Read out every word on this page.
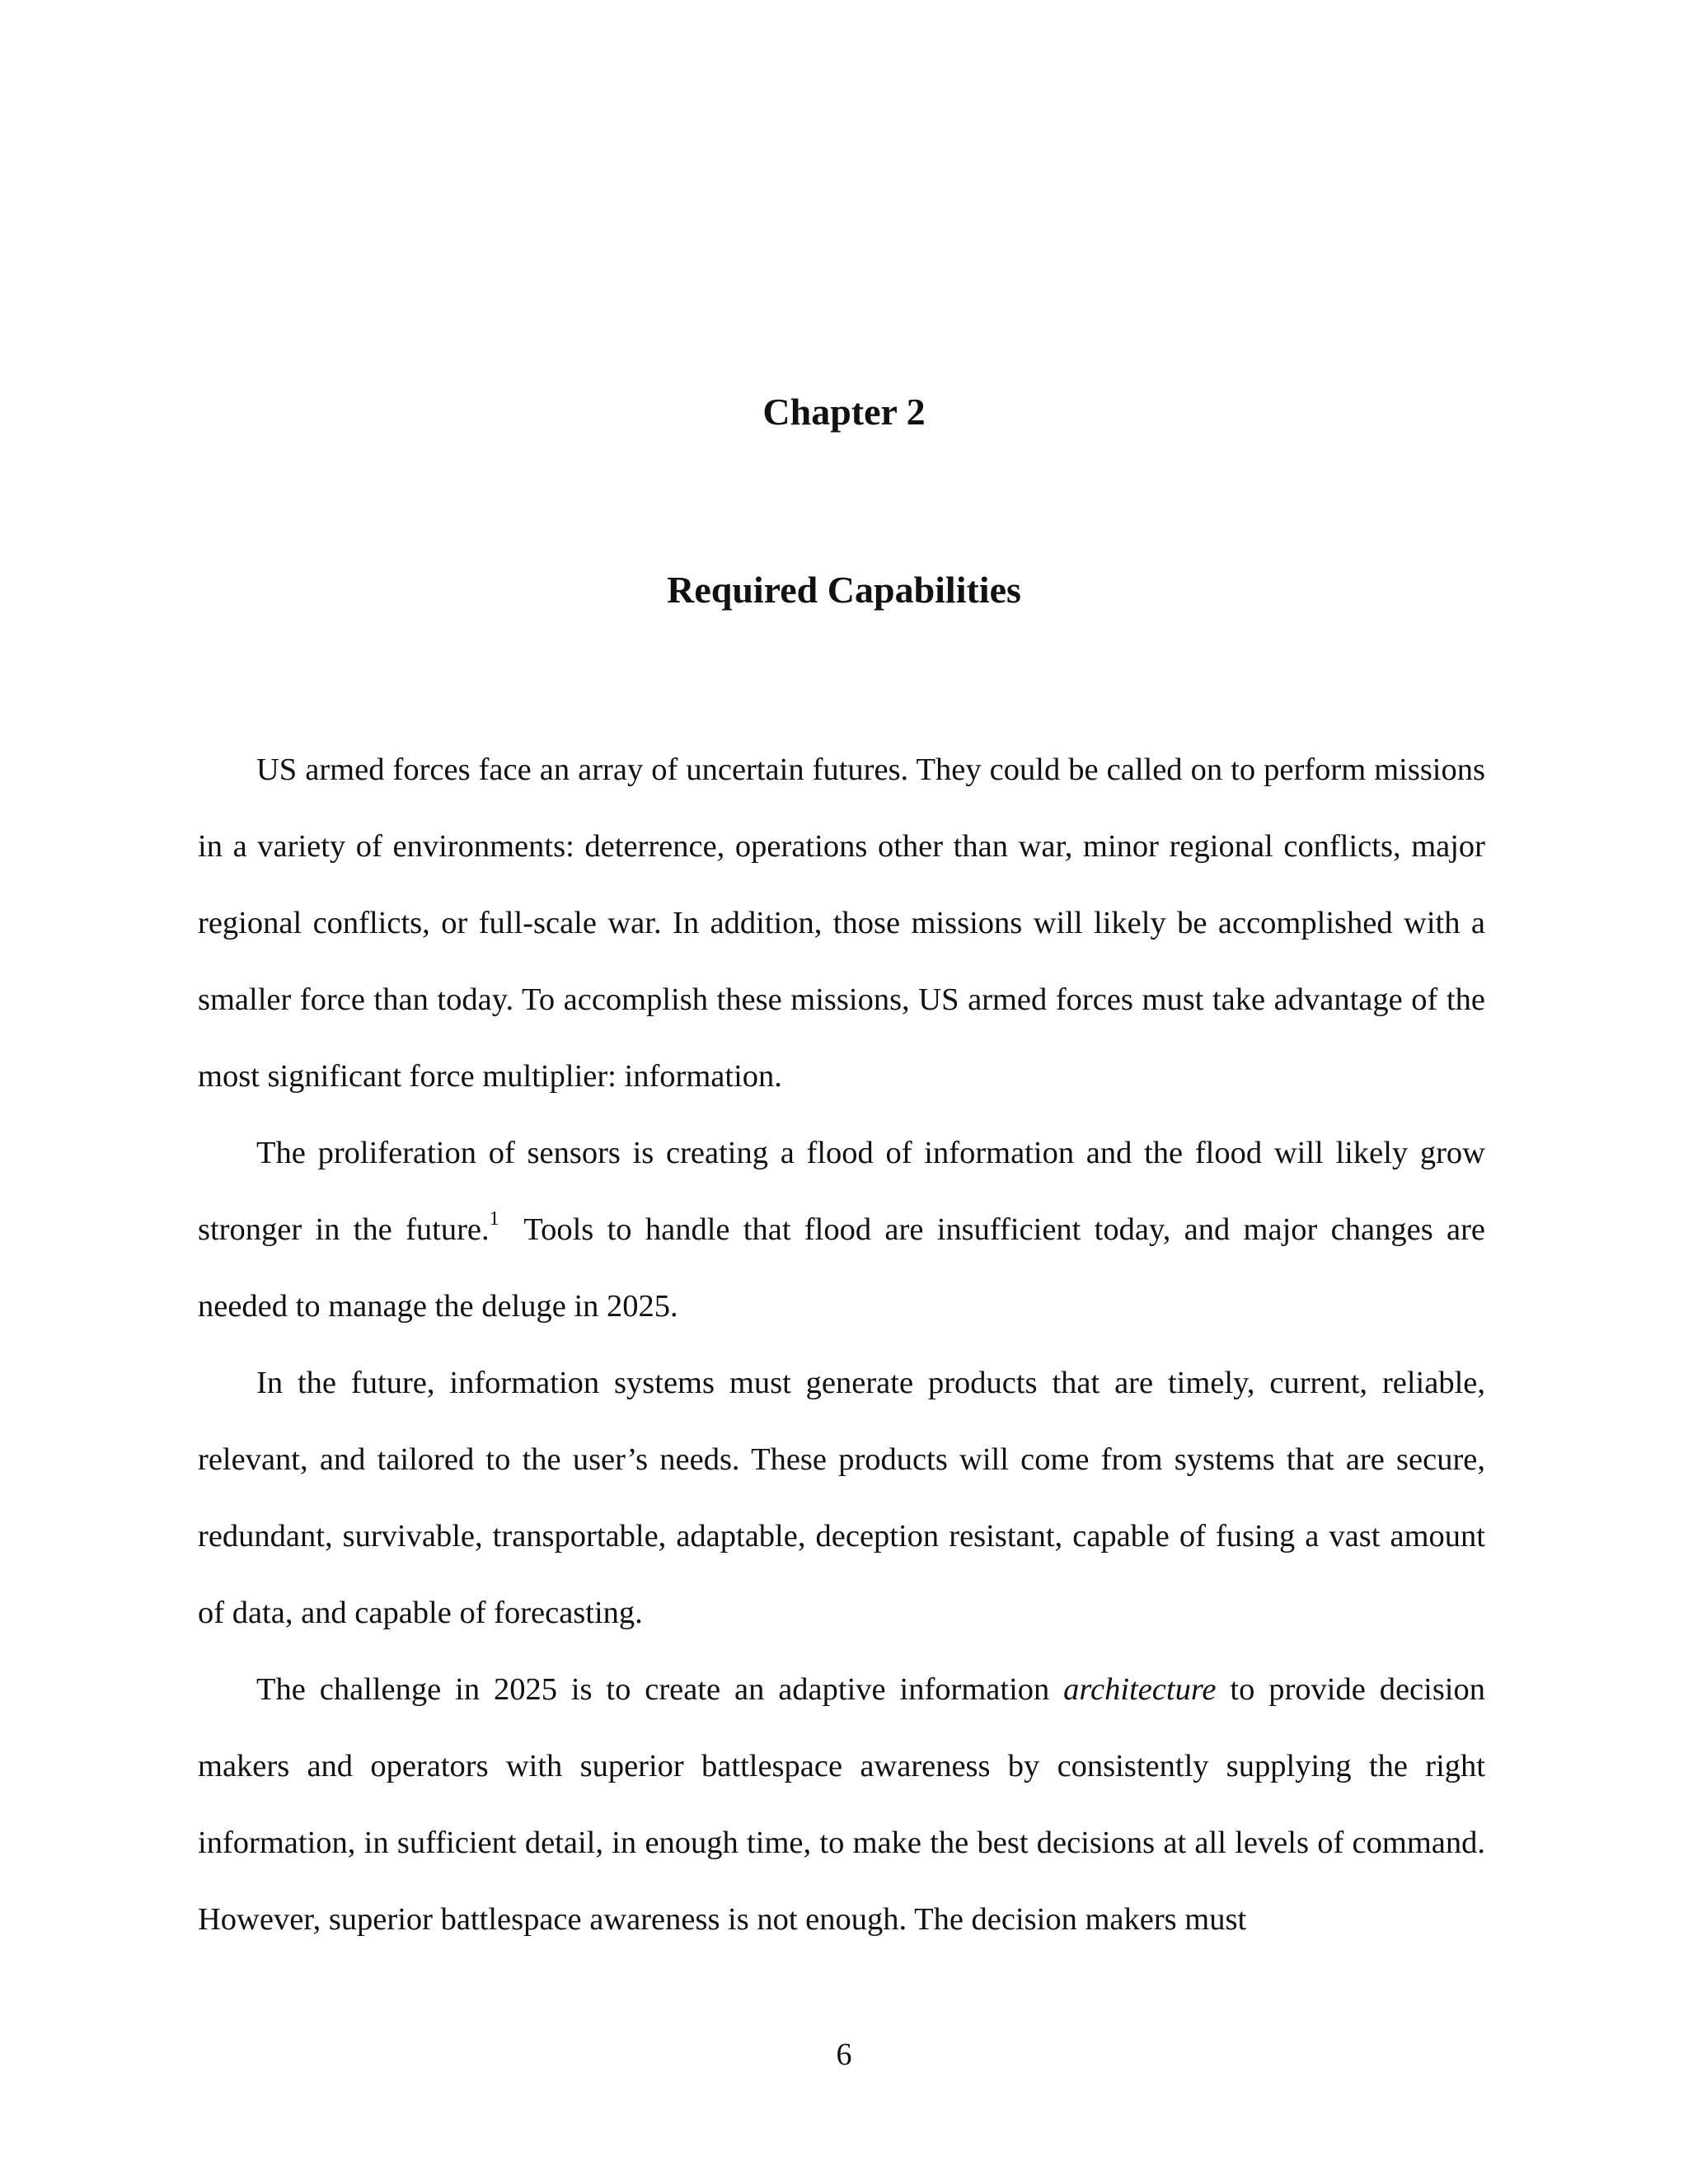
Chapter 2
Required Capabilities

US armed forces face an array of uncertain futures. They could be called on to perform missions in a variety of environments: deterrence, operations other than war, minor regional conflicts, major regional conflicts, or full-scale war. In addition, those missions will likely be accomplished with a smaller force than today. To accomplish these missions, US armed forces must take advantage of the most significant force multiplier: information.

The proliferation of sensors is creating a flood of information and the flood will likely grow stronger in the future.$^1$ Tools to handle that flood are insufficient today, and major changes are needed to manage the deluge in 2025.

In the future, information systems must generate products that are timely, current, reliable, relevant, and tailored to the user’s needs. These products will come from systems that are secure, redundant, survivable, transportable, adaptable, deception resistant, capable of fusing a vast amount of data, and capable of forecasting.

The challenge in 2025 is to create an adaptive information architecture to provide decision makers and operators with superior battlespace awareness by consistently supplying the right information, in sufficient detail, in enough time, to make the best decisions at all levels of command. However, superior battlespace awareness is not enough. The decision makers must

6
